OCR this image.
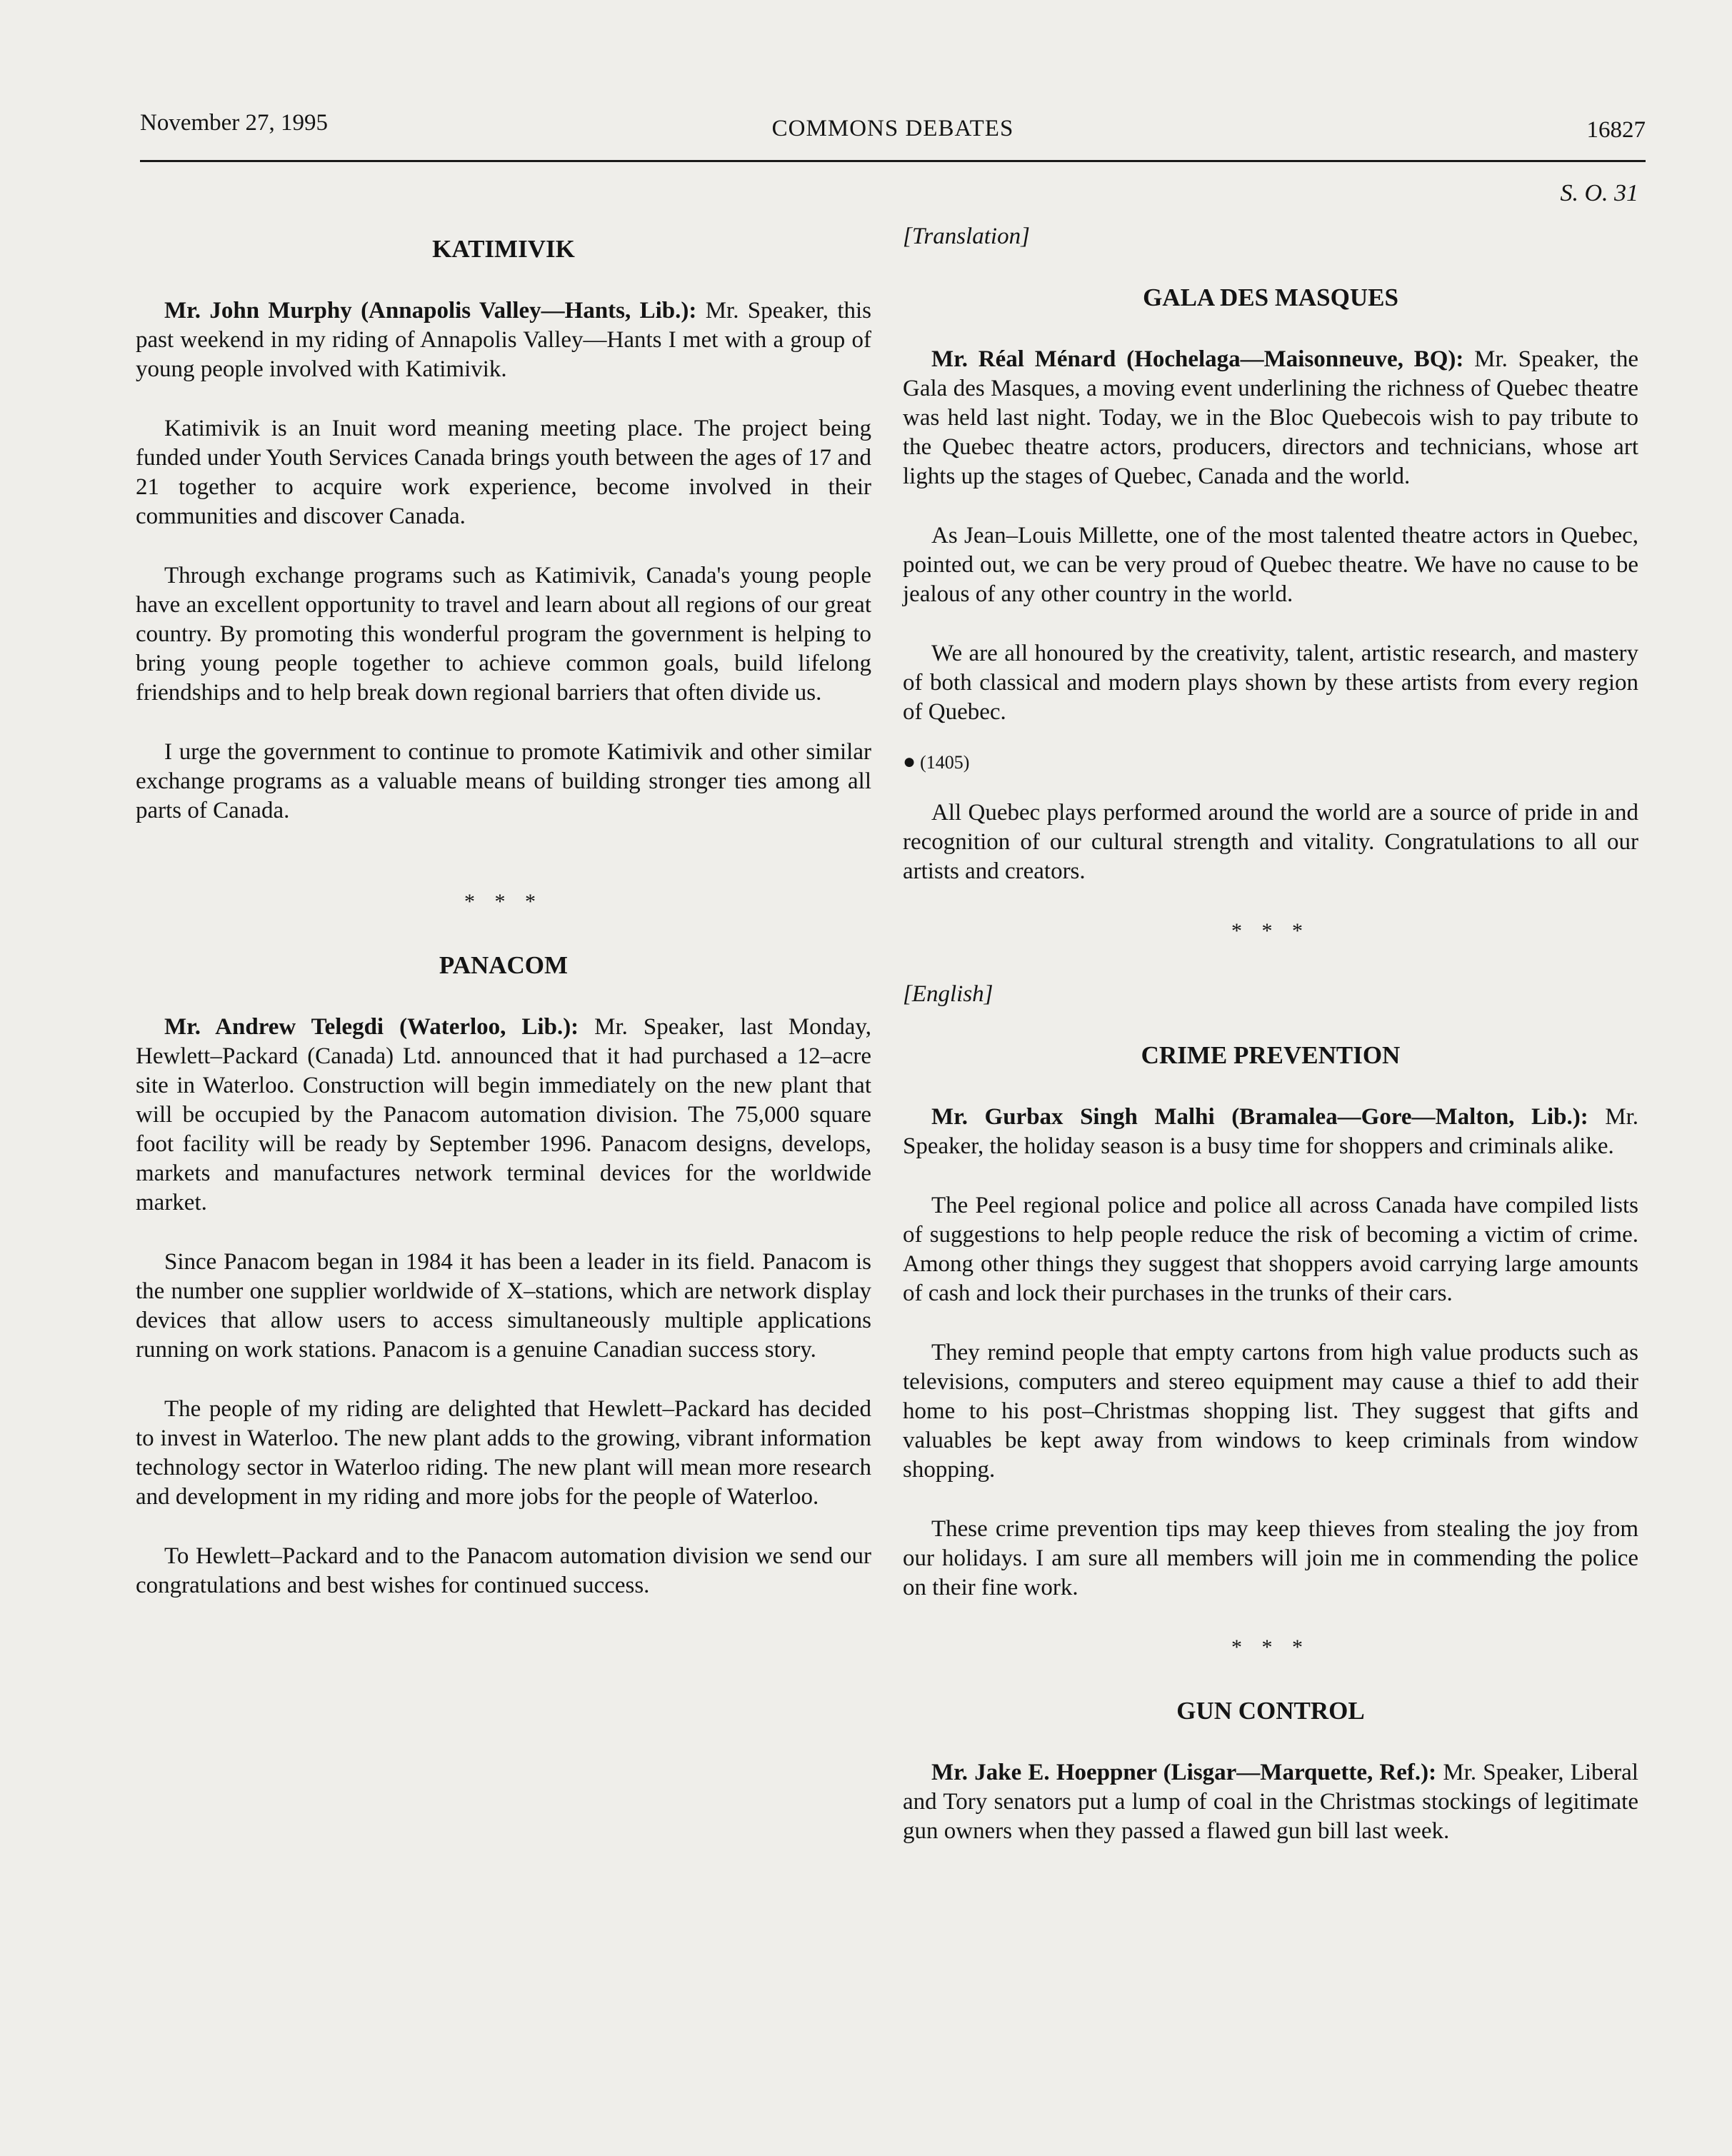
November 27, 1995	COMMONS DEBATES	16827
KATIMIVIK

Mr. John Murphy (Annapolis Valley—Hants, Lib.): Mr. Speaker, this past weekend in my riding of Annapolis Valley—Hants I met with a group of young people involved with Katimivik.

Katimivik is an Inuit word meaning meeting place. The project being funded under Youth Services Canada brings youth between the ages of 17 and 21 together to acquire work experience, become involved in their communities and discover Canada.

Through exchange programs such as Katimivik, Canada's young people have an excellent opportunity to travel and learn about all regions of our great country. By promoting this wonderful program the government is helping to bring young people together to achieve common goals, build lifelong friendships and to help break down regional barriers that often divide us.

I urge the government to continue to promote Katimivik and other similar exchange programs as a valuable means of building stronger ties among all parts of Canada.

* * *
PANACOM

Mr. Andrew Telegdi (Waterloo, Lib.): Mr. Speaker, last Monday, Hewlett–Packard (Canada) Ltd. announced that it had purchased a 12–acre site in Waterloo. Construction will begin immediately on the new plant that will be occupied by the Panacom automation division. The 75,000 square foot facility will be ready by September 1996. Panacom designs, develops, markets and manufactures network terminal devices for the worldwide market.

Since Panacom began in 1984 it has been a leader in its field. Panacom is the number one supplier worldwide of X–stations, which are network display devices that allow users to access simultaneously multiple applications running on work stations. Panacom is a genuine Canadian success story.

The people of my riding are delighted that Hewlett–Packard has decided to invest in Waterloo. The new plant adds to the growing, vibrant information technology sector in Waterloo riding. The new plant will mean more research and development in my riding and more jobs for the people of Waterloo.

To Hewlett–Packard and to the Panacom automation division we send our congratulations and best wishes for continued success.

S. O. 31
[Translation]
GALA DES MASQUES

Mr. Réal Ménard (Hochelaga—Maisonneuve, BQ): Mr. Speaker, the Gala des Masques, a moving event underlining the richness of Quebec theatre was held last night. Today, we in the Bloc Quebecois wish to pay tribute to the Quebec theatre actors, producers, directors and technicians, whose art lights up the stages of Quebec, Canada and the world.

As Jean–Louis Millette, one of the most talented theatre actors in Quebec, pointed out, we can be very proud of Quebec theatre. We have no cause to be jealous of any other country in the world.

We are all honoured by the creativity, talent, artistic research, and mastery of both classical and modern plays shown by these artists from every region of Quebec.

● (1405)

All Quebec plays performed around the world are a source of pride in and recognition of our cultural strength and vitality. Congratulations to all our artists and creators.

* * *
[English]
CRIME PREVENTION

Mr. Gurbax Singh Malhi (Bramalea—Gore—Malton, Lib.): Mr. Speaker, the holiday season is a busy time for shoppers and criminals alike.

The Peel regional police and police all across Canada have compiled lists of suggestions to help people reduce the risk of becoming a victim of crime. Among other things they suggest that shoppers avoid carrying large amounts of cash and lock their purchases in the trunks of their cars.

They remind people that empty cartons from high value products such as televisions, computers and stereo equipment may cause a thief to add their home to his post–Christmas shopping list. They suggest that gifts and valuables be kept away from windows to keep criminals from window shopping.

These crime prevention tips may keep thieves from stealing the joy from our holidays. I am sure all members will join me in commending the police on their fine work.

* * *
GUN CONTROL

Mr. Jake E. Hoeppner (Lisgar—Marquette, Ref.): Mr. Speaker, Liberal and Tory senators put a lump of coal in the Christmas stockings of legitimate gun owners when they passed a flawed gun bill last week.
